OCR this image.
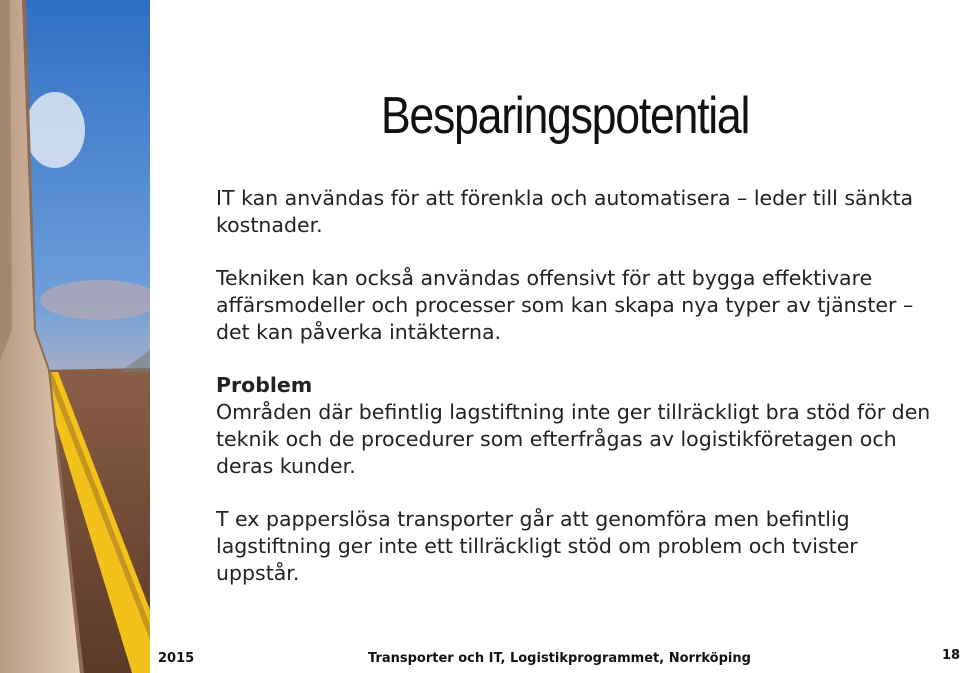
Besparingspotential

IT kan användas för att förenkla och automatisera – leder till sänkta kostnader.

Tekniken kan också användas offensivt för att bygga effektivare affärsmodeller och processer som kan skapa nya typer av tjänster – det kan påverka intäkterna.

Problem
Områden där befintlig lagstiftning inte ger tillräckligt bra stöd för den teknik och de procedurer som efterfrågas av logistikföretagen och deras kunder.

T ex papperslösa transporter går att genomföra men befintlig lagstiftning ger inte ett tillräckligt stöd om problem och tvister uppstår.

2015	Transporter och IT, Logistikprogrammet, Norrköping	18
